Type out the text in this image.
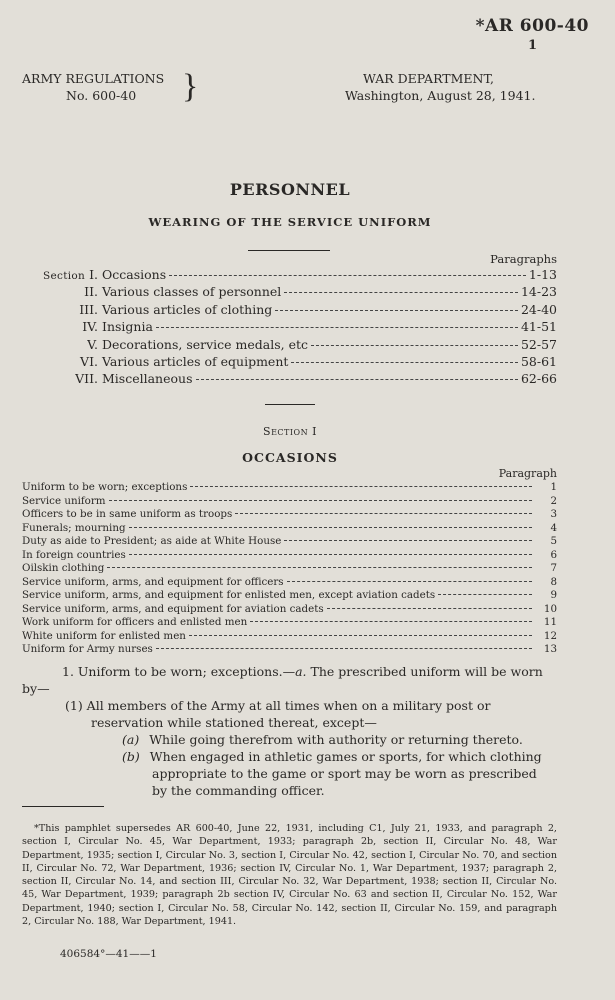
*AR 600-40
1
ARMY REGULATIONS
No. 600-40	}	WAR DEPARTMENT,
Washington, August 28, 1941.
PERSONNEL
WEARING OF THE SERVICE UNIFORM
Paragraphs
Section I. Occasions	1-13
II. Various classes of personnel	14-23
III. Various articles of clothing	24-40
IV. Insignia	41-51
V. Decorations, service medals, etc	52-57
VI. Various articles of equipment	58-61
VII. Miscellaneous	62-66
Section I
OCCASIONS
Paragraph
Uniform to be worn; exceptions	1
Service uniform	2
Officers to be in same uniform as troops	3
Funerals; mourning	4
Duty as aide to President; as aide at White House	5
In foreign countries	6
Oilskin clothing	7
Service uniform, arms, and equipment for officers	8
Service uniform, arms, and equipment for enlisted men, except aviation cadets	9
Service uniform, arms, and equipment for aviation cadets	10
Work uniform for officers and enlisted men	11
White uniform for enlisted men	12
Uniform for Army nurses	13
1. Uniform to be worn; exceptions.—a. The prescribed uniform will be worn
by—
(1) All members of the Army at all times when on a military post or
reservation while stationed thereat, except—
(a) While going therefrom with authority or returning thereto.
(b) When engaged in athletic games or sports, for which clothing
appropriate to the game or sport may be worn as prescribed
by the commanding officer.
*This pamphlet supersedes AR 600-40, June 22, 1931, including C1, July 21, 1933, and paragraph 2, section I, Circular No. 45, War Department, 1933; paragraph 2b, section II, Circular No. 48, War Department, 1935; section I, Circular No. 3, section I, Circular No. 42, section I, Circular No. 70, and section II, Circular No. 72, War Department, 1936; section IV, Circular No. 1, War Department, 1937; paragraph 2, section II, Circular No. 14, and section III, Circular No. 32, War Department, 1938; section II, Circular No. 45, War Department, 1939; paragraph 2b section IV, Circular No. 63 and section II, Circular No. 152, War Department, 1940; section I, Circular No. 58, Circular No. 142, section II, Circular No. 159, and paragraph 2, Circular No. 188, War Department, 1941.
406584°—41——1
